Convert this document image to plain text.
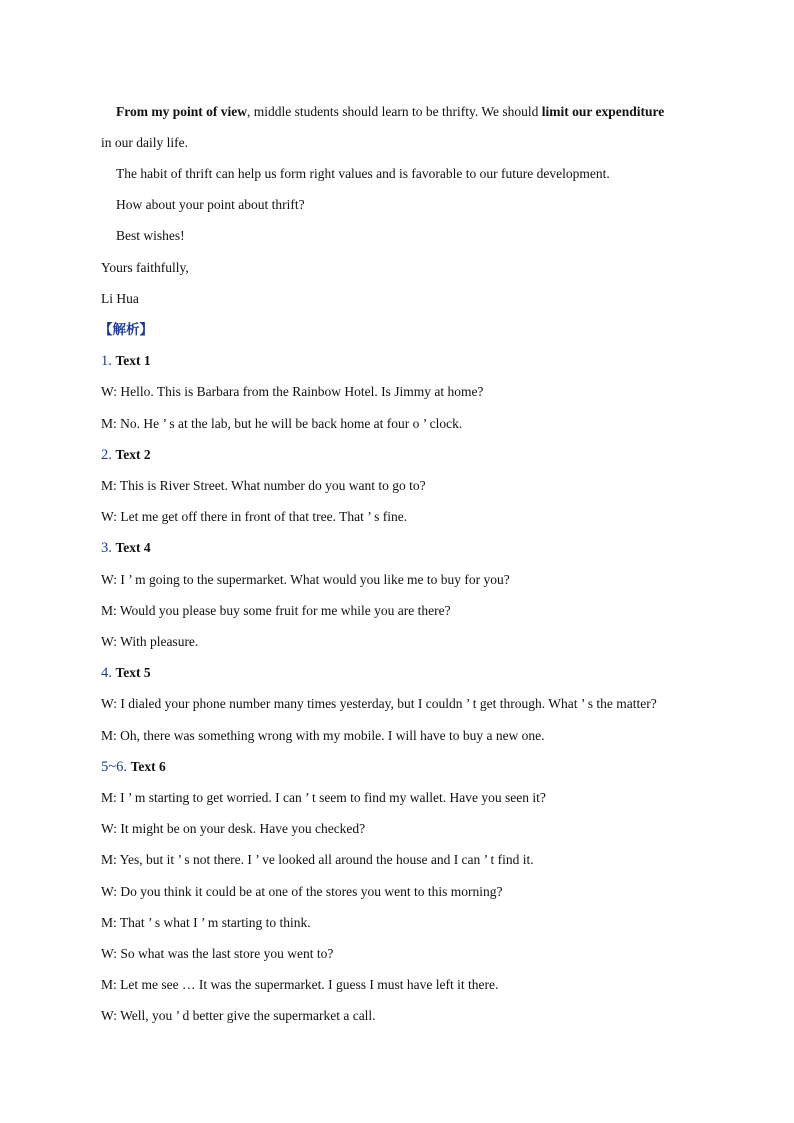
From my point of view, middle students should learn to be thrifty. We should limit our expenditure

in our daily life.

The habit of thrift can help us form right values and is favorable to our future development.

How about your point about thrift?

Best wishes!

Yours faithfully,

Li Hua

【解析】

1. Text 1

W: Hello. This is Barbara from the Rainbow Hotel. Is Jimmy at home?

M: No. He ’ s at the lab, but he will be back home at four o ’ clock.

2. Text 2

M: This is River Street. What number do you want to go to?

W: Let me get off there in front of that tree. That ’ s fine.

3. Text 4

W: I ’ m going to the supermarket. What would you like me to buy for you?

M: Would you please buy some fruit for me while you are there?

W: With pleasure.

4. Text 5

W: I dialed your phone number many times yesterday, but I couldn ’ t get through. What ’ s the matter?

M: Oh, there was something wrong with my mobile. I will have to buy a new one.

5~6. Text 6

M: I ’ m starting to get worried. I can ’ t seem to find my wallet. Have you seen it?

W: It might be on your desk. Have you checked?

M: Yes, but it ’ s not there. I ’ ve looked all around the house and I can ’ t find it.

W: Do you think it could be at one of the stores you went to this morning?

M: That ’ s what I ’ m starting to think.

W: So what was the last store you went to?

M: Let me see … It was the supermarket. I guess I must have left it there.

W: Well, you ’ d better give the supermarket a call.
